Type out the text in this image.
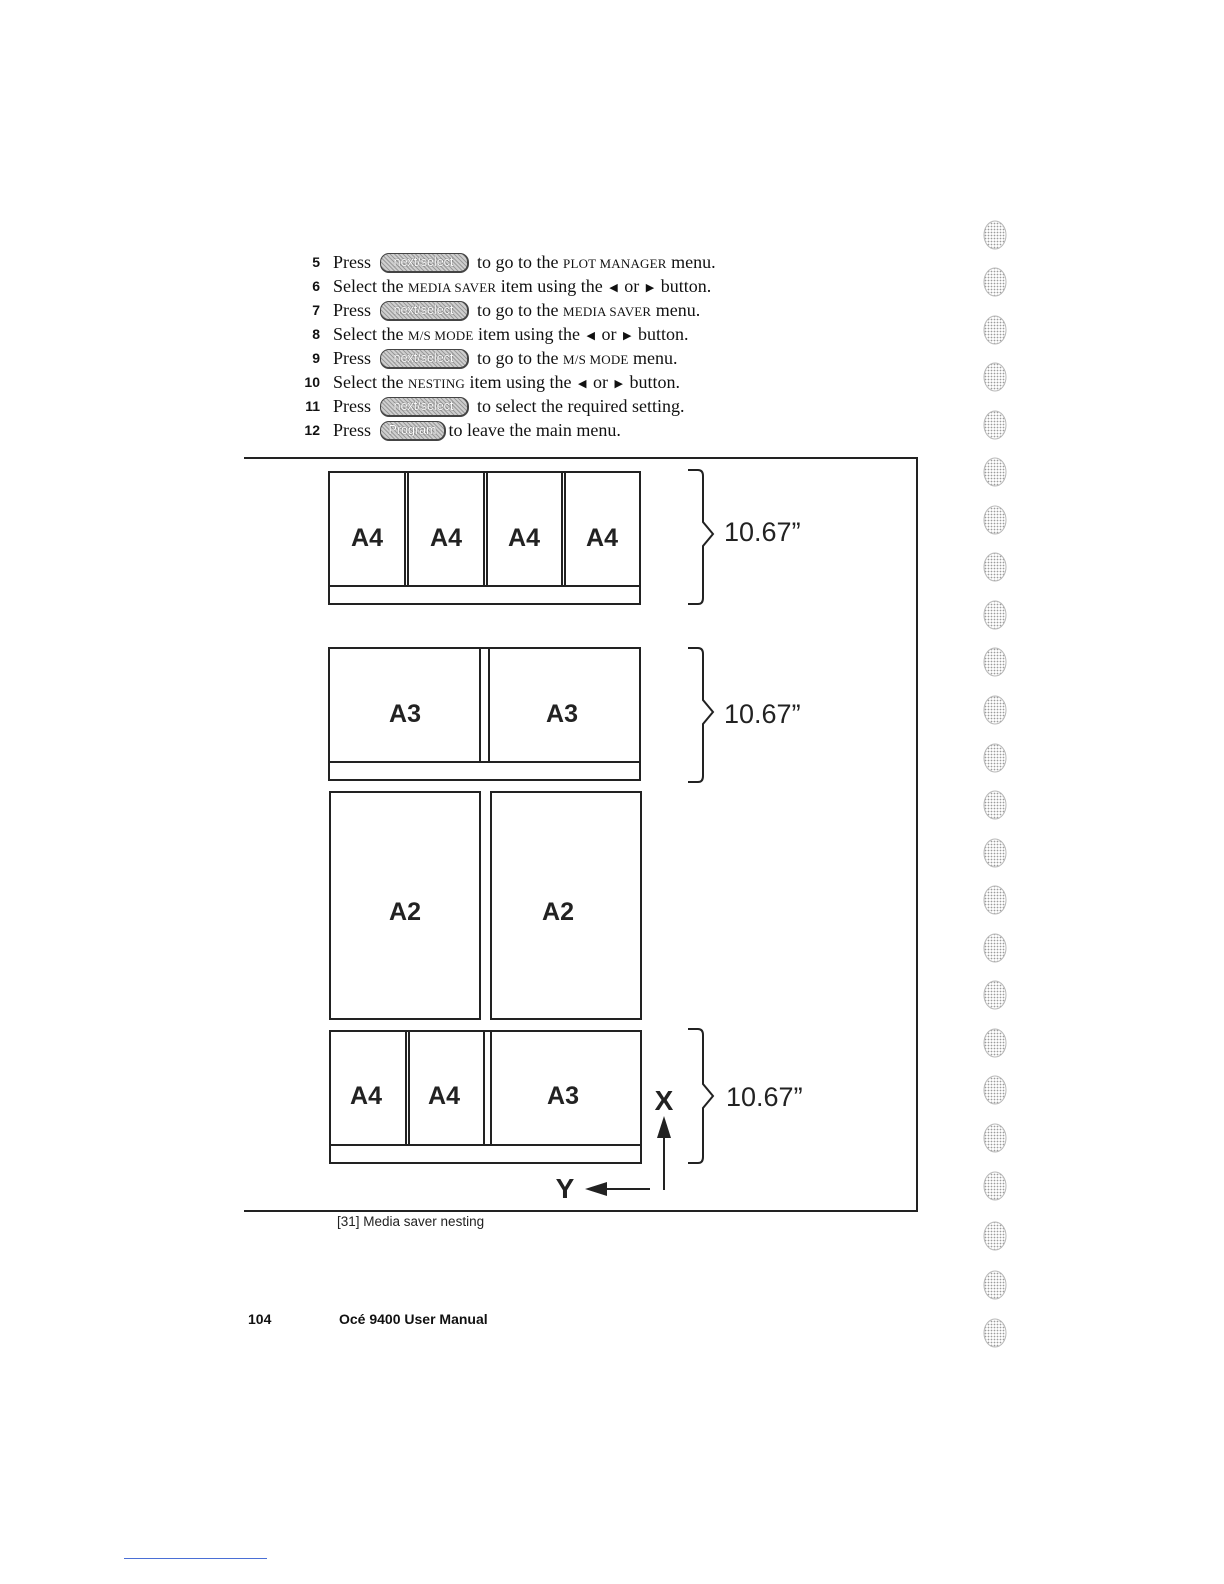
5 Press next/select to go to the PLOT MANAGER menu.
6 Select the MEDIA SAVER item using the ◀ or ▶ button.
7 Press next/select to go to the MEDIA SAVER menu.
8 Select the M/S MODE item using the ◀ or ▶ button.
9 Press next/select to go to the M/S MODE menu.
10 Select the NESTING item using the ◀ or ▶ button.
11 Press next/select to select the required setting.
12 Press Program to leave the main menu.
A4 A4 A4 A4
A3	A3
A2	A2
A4 A4	A3
10.67”
10.67”
10.67”
X
Y
[31] Media saver nesting
104	Océ 9400 User Manual
